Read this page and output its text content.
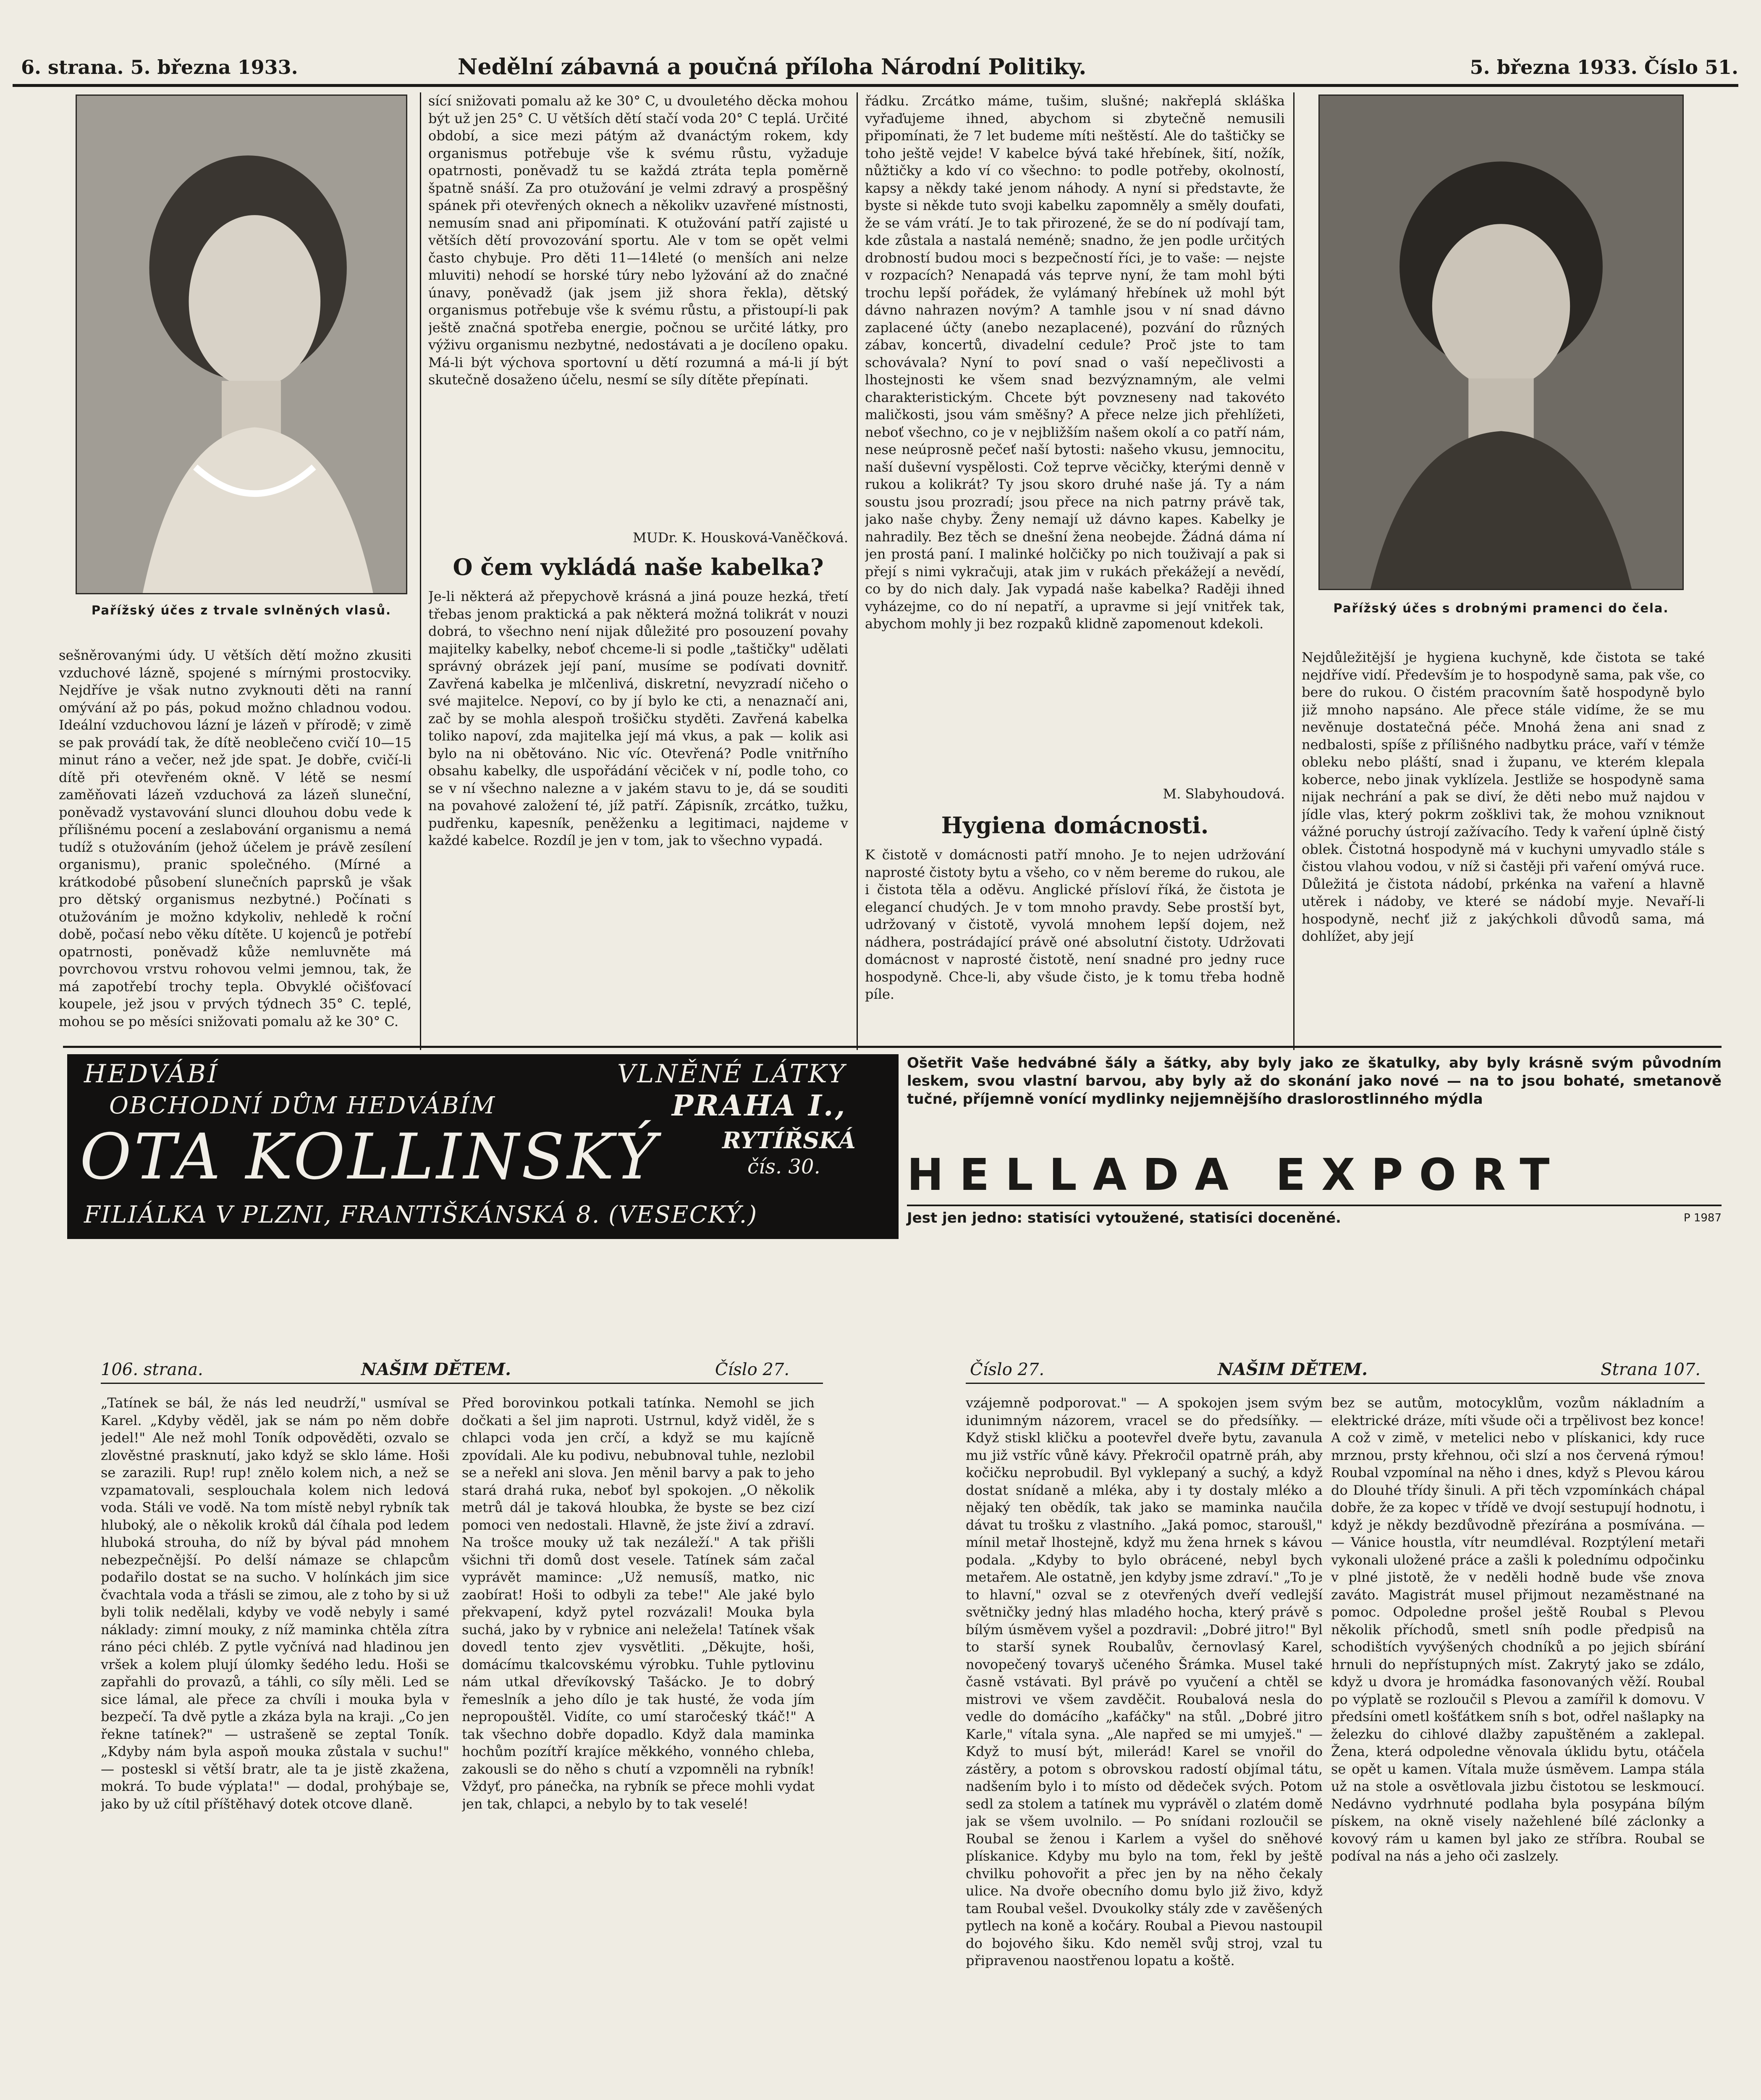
6. strana. 5. března 1933.	Nedělní zábavná a poučná příloha Národní Politiky.	5. března 1933. Číslo 51.
Pařížský účes z trvale svlněných vlasů.
sešněrovanými údy. U větších dětí možno zkusiti vzduchové lázně, spojené s mírnými prostocviky. Nejdříve je však nutno zvyknouti děti na ranní omývání až po pás, pokud možno chladnou vodou. Ideální vzduchovou lázní je lázeň v přírodě; v zimě se pak provádí tak, že dítě neoblečeno cvičí 10—15 minut ráno a večer, než jde spat. Je dobře, cvičí-li dítě při otevřeném okně. V létě se nesmí zaměňovati lázeň vzduchová za lázeň sluneční, poněvadž vystavování slunci dlouhou dobu vede k přílišnému pocení a zeslabování organismu a nemá tudíž s otužováním (jehož účelem je právě zesílení organismu), pranic společného. (Mírné a krátkodobé působení slunečních paprsků je však pro dětský organismus nezbytné.) Počínati s otužováním je možno kdykoliv, nehledě k roční době, počasí nebo věku dítěte. U kojenců je potřebí opatrnosti, poněvadž kůže nemluvněte má povrchovou vrstvu rohovou velmi jemnou, tak, že má zapotřebí trochy tepla. Obvyklé očišťovací koupele, jež jsou v prvých týdnech 35° C. teplé, mohou se po měsíci snižovati pomalu až ke 30° C.
sící snižovati pomalu až ke 30° C, u dvouletého děcka mohou být už jen 25° C. U větších dětí stačí voda 20° C teplá. Určité období, a sice mezi pátým až dvanáctým rokem, kdy organismus potřebuje vše k svému růstu, vyžaduje opatrnosti, poněvadž tu se každá ztráta tepla poměrně špatně snáší. Za pro otužování je velmi zdravý a prospěšný spánek při otevřených oknech a několikv uzavřené místnosti, nemusím snad ani připomínati. K otužování patří zajisté u větších dětí provozování sportu. Ale v tom se opět velmi často chybuje. Pro děti 11—14leté (o menších ani nelze mluviti) nehodí se horské túry nebo lyžování až do značné únavy, poněvadž (jak jsem již shora řekla), dětský organismus potřebuje vše k svému růstu, a přistoupí-li pak ještě značná spotřeba energie, počnou se určité látky, pro výživu organismu nezbytné, nedostávati a je docíleno opaku. Má-li být výchova sportovní u dětí rozumná a má-li jí být skutečně dosaženo účelu, nesmí se síly dítěte přepínati.
MUDr. K. Housková-Vaněčková.
O čem vykládá naše kabelka?
Je-li některá až přepychově krásná a jiná pouze hezká, třetí třebas jenom praktická a pak některá možná tolikrát v nouzi dobrá, to všechno není nijak důležité pro posouzení povahy majitelky kabelky, neboť chceme-li si podle „taštičky" udělati správný obrázek její paní, musíme se podívati dovnitř. Zavřená kabelka je mlčenlivá, diskretní, nevyzradí ničeho o své majitelce. Nepoví, co by jí bylo ke cti, a nenaznačí ani, zač by se mohla alespoň trošičku styděti. Zavřená kabelka toliko napoví, zda majitelka její má vkus, a pak — kolik asi bylo na ni obětováno. Nic víc. Otevřená? Podle vnitřního obsahu kabelky, dle uspořádání věciček v ní, podle toho, co se v ní všechno nalezne a v jakém stavu to je, dá se souditi na povahové založení té, jíž patří. Zápisník, zrcátko, tužku, pudřenku, kapesník, peněženku a legitimaci, najdeme v každé kabelce. Rozdíl je jen v tom, jak to všechno vypadá.
řádku. Zrcátko máme, tušim, slušné; nakřeplá skláška vyřaďujeme ihned, abychom si zbytečně nemusili připomínati, že 7 let budeme míti neštěstí. Ale do taštičky se toho ještě vejde! V kabelce bývá také hřebínek, šití, nožík, nůžtičky a kdo ví co všechno: to podle potřeby, okolností, kapsy a někdy také jenom náhody. A nyní si představte, že byste si někde tuto svoji kabelku zapomněly a směly doufati, že se vám vrátí. Je to tak přirozené, že se do ní podívají tam, kde zůstala a nastalá neméně; snadno, že jen podle určitých drobností budou moci s bezpečností říci, je to vaše: — nejste v rozpacích? Nenapadá vás teprve nyní, že tam mohl býti trochu lepší pořádek, že vylámaný hřebínek už mohl být dávno nahrazen novým? A tamhle jsou v ní snad dávno zaplacené účty (anebo nezaplacené), pozvání do různých zábav, koncertů, divadelní cedule? Proč jste to tam schovávala? Nyní to poví snad o vaší nepečlivosti a lhostejnosti ke všem snad bezvýznamným, ale velmi charakteristickým. Chcete být povzneseny nad takovéto maličkosti, jsou vám směšny? A přece nelze jich přehlížeti, neboť všechno, co je v nejbližším našem okolí a co patří nám, nese neúprosně pečeť naší bytosti: našeho vkusu, jemnocitu, naší duševní vyspělosti. Což teprve věcičky, kterými denně v rukou a kolikrát? Ty jsou skoro druhé naše já. Ty a nám soustu jsou prozradí; jsou přece na nich patrny právě tak, jako naše chyby. Ženy nemají už dávno kapes. Kabelky je nahradily. Bez těch se dnešní žena neobejde. Žádná dáma ní jen prostá paní. I malinké holčičky po nich touživají a pak si přejí s nimi vykračuji, atak jim v rukách překážejí a nevědí, co by do nich daly. Jak vypadá naše kabelka? Raději ihned vyházejme, co do ní nepatří, a upravme si její vnitřek tak, abychom mohly ji bez rozpaků klidně zapomenout kdekoli.
M. Slabyhoudová.
Hygiena domácnosti.
K čistotě v domácnosti patří mnoho. Je to nejen udržování naprosté čistoty bytu a všeho, co v něm bereme do rukou, ale i čistota těla a oděvu. Anglické přísloví říká, že čistota je elegancí chudých. Je v tom mnoho pravdy. Sebe prostší byt, udržovaný v čistotě, vyvolá mnohem lepší dojem, než nádhera, postrádající právě oné absolutní čistoty. Udržovati domácnost v naprosté čistotě, není snadné pro jedny ruce hospodyně. Chce-li, aby všude čisto, je k tomu třeba hodně píle.
Pařížský účes s drobnými pramenci do čela.
Nejdůležitější je hygiena kuchyně, kde čistota se také nejdříve vidí. Především je to hospodyně sama, pak vše, co bere do rukou. O čistém pracovním šatě hospodyně bylo již mnoho napsáno. Ale přece stále vidíme, že se mu nevěnuje dostatečná péče. Mnohá žena ani snad z nedbalosti, spíše z přílišného nadbytku práce, vaří v témže obleku nebo pláští, snad i županu, ve kterém klepala koberce, nebo jinak vyklízela. Jestliže se hospodyně sama nijak nechrání a pak se diví, že děti nebo muž najdou v jídle vlas, který pokrm zošklivi tak, že mohou vzniknout vážné poruchy ústrojí zažívacího. Tedy k vaření úplně čistý oblek. Čistotná hospodyně má v kuchyni umyvadlo stále s čistou vlahou vodou, v níž si častěji při vaření omývá ruce. Důležitá je čistota nádobí, prkénka na vaření a hlavně utěrek i nádoby, ve které se nádobí myje. Nevaří-li hospodyně, nechť již z jakýchkoli důvodů sama, má dohlížet, aby její
HEDVÁBÍ	VLNĚNÉ LÁTKY
OBCHODNÍ DŮM HEDVÁBÍM	PRAHA I.,
OTA KOLLINSKÝ	RYTÍŘSKÁ
čís. 30.
FILIÁLKA V PLZNI, FRANTIŠKÁNSKÁ 8. (VESECKÝ.)
Ošetřit Vaše hedvábné šály a šátky, aby byly jako ze škatulky, aby byly krásně svým původním leskem, svou vlastní barvou, aby byly až do skonání jako nové — na to jsou bohaté, smetanově tučné, příjemně vonící mydlinky nejjemnějšího draslorostlinného mýdla
HELLADA EXPORT
Jest jen jedno: statisíci vytoužené, statisíci doceněné.	P 1987
106. strana.	NAŠIM DĚTEM.	Číslo 27.	Číslo 27.	NAŠIM DĚTEM.	Strana 107.
„Tatínek se bál, že nás led neudrží," usmíval se Karel. „Kdyby věděl, jak se nám po něm dobře jedel!" Ale než mohl Toník odpověděti, ozvalo se zlověstné prasknutí, jako když se sklo láme. Hoši se zarazili. Rup! rup! znělo kolem nich, a než se vzpamatovali, sesplouchala kolem nich ledová voda. Stáli ve vodě. Na tom místě nebyl rybník tak hluboký, ale o několik kroků dál číhala pod ledem hluboká strouha, do níž by býval pád mnohem nebezpečnější. Po delší námaze se chlapcům podařilo dostat se na sucho. V holínkách jim sice čvachtala voda a třásli se zimou, ale z toho by si už byli tolik nedělali, kdyby ve vodě nebyly i samé náklady: zimní mouky, z níž maminka chtěla zítra ráno péci chléb. Z pytle vyčnívá nad hladinou jen vršek a kolem plují úlomky šedého ledu. Hoši se zapřahli do provazů, a táhli, co síly měli. Led se sice lámal, ale přece za chvíli i mouka byla v bezpečí. Ta dvě pytle a zkáza byla na kraji. „Co jen řekne tatínek?" — ustrašeně se zeptal Toník. „Kdyby nám byla aspoň mouka zůstala v suchu!" — posteskl si větší bratr, ale ta je jistě zkažena, mokrá. To bude výplata!" — dodal, prohýbaje se, jako by už cítil příštěhavý dotek otcove dlaně.
Před borovinkou potkali tatínka. Nemohl se jich dočkati a šel jim naproti. Ustrnul, když viděl, že s chlapci voda jen crčí, a když se mu kajícně zpovídali. Ale ku podivu, nebubnoval tuhle, nezlobil se a neřekl ani slova. Jen měnil barvy a pak to jeho stará drahá ruka, neboť byl spokojen. „O několik metrů dál je taková hloubka, že byste se bez cizí pomoci ven nedostali. Hlavně, že jste živí a zdraví. Na trošce mouky už tak nezáleží." A tak přišli všichni tři domů dost vesele. Tatínek sám začal vyprávět mamince: „Už nemusíš, matko, nic zaobírat! Hoši to odbyli za tebe!" Ale jaké bylo překvapení, když pytel rozvázali! Mouka byla suchá, jako by v rybnice ani neležela! Tatínek však dovedl tento zjev vysvětliti. „Děkujte, hoši, domácímu tkalcovskému výrobku. Tuhle pytlovinu nám utkal dřevíkovský Tašácko. Je to dobrý řemeslník a jeho dílo je tak husté, že voda jím nepropouštěl. Vidíte, co umí staročeský tkáč!" A tak všechno dobře dopadlo. Když dala maminka hochům pozítří krajíce měkkého, vonného chleba, zakousli se do něho s chutí a vzpomněli na rybník! Vždyť, pro pánečka, na rybník se přece mohli vydat jen tak, chlapci, a nebylo by to tak veselé!
vzájemně podporovat." — A spokojen jsem svým idunimným názorem, vracel se do předsíňky. — Když stiskl kličku a pootevřel dveře bytu, zavanula mu již vstříc vůně kávy. Překročil opatrně práh, aby kočičku neprobudil. Byl vyklepaný a suchý, a když dostat snídaně a mléka, aby i ty dostaly mléko a nějaký ten obědík, tak jako se maminka naučila dávat tu trošku z vlastního. „Jaká pomoc, staroušl," mínil metař lhostejně, když mu žena hrnek s kávou podala. „Kdyby to bylo obrácené, nebyl bych metařem. Ale ostatně, jen kdyby jsme zdraví." „To je to hlavní," ozval se z otevřených dveří vedlejší světničky jedný hlas mladého hocha, který právě s bílým úsměvem vyšel a pozdravil: „Dobré jitro!" Byl to starší synek Roubalův, černovlasý Karel, novopečený tovaryš učeného Šrámka. Musel také časně vstávati. Byl právě po vyučení a chtěl se mistrovi ve všem zavděčit. Roubalová nesla do vedle do domácího „kafáčky" na stůl. „Dobré jitro Karle," vítala syna. „Ale napřed se mi umyješ." — Když to musí být, milerád! Karel se vnořil do zástěry, a potom s obrovskou radostí objímal tátu, nadšením bylo i to místo od dědeček svých. Potom sedl za stolem a tatínek mu vyprávěl o zlatém domě jak se všem uvolnilo. — Po snídani rozloučil se Roubal se ženou i Karlem a vyšel do sněhové plískanice. Kdyby mu bylo na tom, řekl by ještě chvilku pohovořit a přec jen by na něho čekaly ulice. Na dvoře obecního domu bylo již živo, když tam Roubal vešel. Dvoukolky stály zde v zavěšených pytlech na koně a kočáry. Roubal a Pievou nastoupil do bojového šiku. Kdo neměl svůj stroj, vzal tu připravenou naostřenou lopatu a koště.
bez se autům, motocyklům, vozům nákladním a elektrické dráze, míti všude oči a trpělivost bez konce! A což v zimě, v metelici nebo v plískanici, kdy ruce mrznou, prsty křehnou, oči slzí a nos červená rýmou! Roubal vzpomínal na něho i dnes, když s Plevou károu do Dlouhé třídy šinuli. A při těch vzpomínkách chápal dobře, že za kopec v třídě ve dvojí sestupují hodnotu, i když je někdy bezdůvodně přezírána a posmívána. — — Vánice houstla, vítr neumdléval. Rozptýlení metaři vykonali uložené práce a zašli k polednímu odpočinku v plné jistotě, že v neděli hodně bude vše znova zaváto. Magistrát musel přijmout nezaměstnané na pomoc. Odpoledne prošel ještě Roubal s Plevou několik příchodů, smetl sníh podle předpisů na schodištích vyvýšených chodníků a po jejich sbírání hrnuli do nepřístupných míst. Zakrytý jako se zdálo, když u dvora je hromádka fasonovaných věží. Roubal po výplatě se rozloučil s Plevou a zamířil k domovu. V předsíni ometl košťátkem sníh s bot, odřel našlapky na železku do cihlové dlažby zapuštěném a zaklepal. Žena, která odpoledne věnovala úklidu bytu, otáčela se opět u kamen. Vítala muže úsměvem. Lampa stála už na stole a osvětlovala jizbu čistotou se leskmoucí. Nedávno vydrhnuté podlaha byla posypána bílým pískem, na okně visely nažehlené bílé záclonky a kovový rám u kamen byl jako ze stříbra. Roubal se podíval na nás a jeho oči zaslzely.
